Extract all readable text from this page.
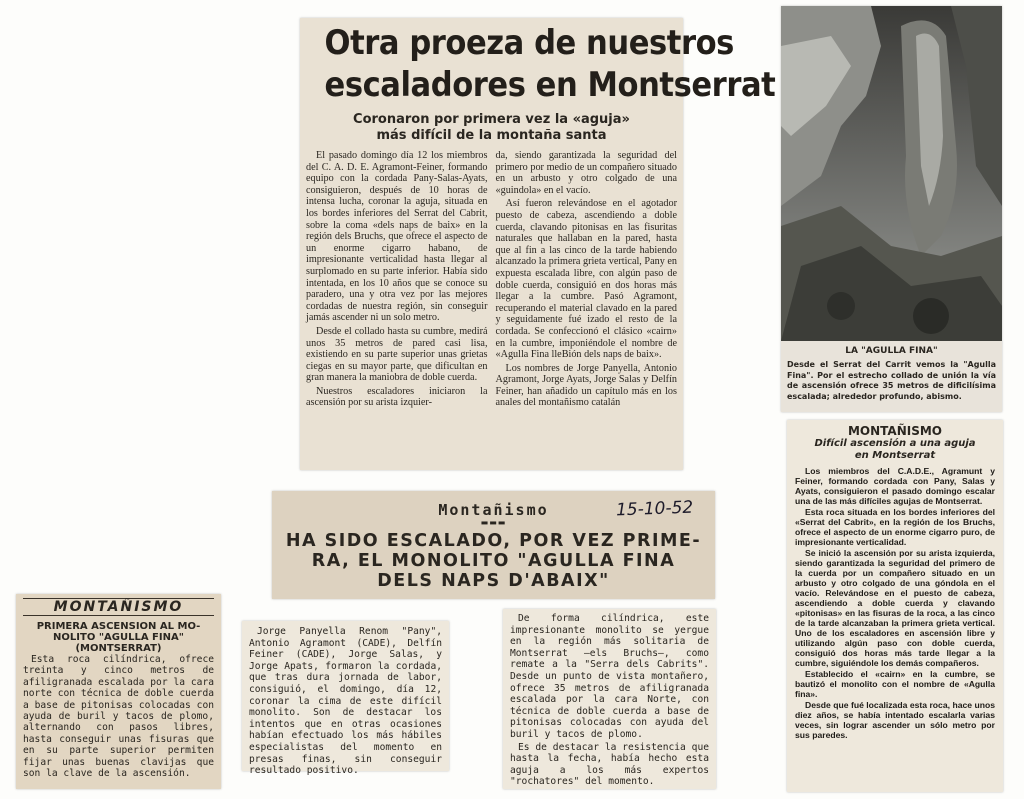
Otra proeza de nuestros
escaladores en Montserrat
Coronaron por primera vez la «aguja»
más difícil de la montaña santa

El pasado domingo día 12 los miembros del C. A. D. E. Agramont-Feiner, formando equipo con la cordada Pany-Salas-Ayats, consiguieron, después de 10 horas de intensa lucha, coronar la aguja, situada en los bordes inferiores del Serrat del Cabrit, sobre la coma «dels naps de baix» en la región dels Bruchs, que ofrece el aspecto de un enorme cigarro habano, de impresionante verticalidad hasta llegar al surplomado en su parte inferior. Había sido intentada, en los 10 años que se conoce su paradero, una y otra vez por las mejores cordadas de nuestra región, sin conseguir jamás ascender ni un solo metro.

Desde el collado hasta su cumbre, medirá unos 35 metros de pared casi lisa, existiendo en su parte superior unas grietas ciegas en su mayor parte, que dificultan en gran manera la maniobra de doble cuerda.

Nuestros escaladores iniciaron la ascensión por su arista izquier-

da, siendo garantizada la seguridad del primero por medio de un compañero situado en un arbusto y otro colgado de una «guindola» en el vacío.

Así fueron relevándose en el agotador puesto de cabeza, ascendiendo a doble cuerda, clavando pitonisas en las fisuritas naturales que hallaban en la pared, hasta que al fin a las cinco de la tarde habiendo alcanzado la primera grieta vertical, Pany en expuesta escalada libre, con algún paso de doble cuerda, consiguió en dos horas más llegar a la cumbre. Pasó Agramont, recuperando el material clavado en la pared y seguidamente fué izado el resto de la cordada. Se confeccionó el clásico «cairn» en la cumbre, imponiéndole el nombre de «Agulla Fina lleBión dels naps de baix».

Los nombres de Jorge Panyella, Antonio Agramont, Jorge Ayats, Jorge Salas y Delfín Feiner, han añadido un capítulo más en los anales del montañismo catalán

LA "AGULLA FINA"
Desde el Serrat del Carrit vemos la "Agulla Fina". Por el estrecho collado de unión la vía de ascensión ofrece 35 metros de dificilísima escalada; alrededor profundo, abismo.
MONTAÑISMO
Difícil ascensión a una aguja
en Montserrat

Los miembros del C.A.D.E., Agramunt y Feiner, formando cordada con Pany, Salas y Ayats, consiguieron el pasado domingo escalar una de las más difíciles agujas de Montserrat.

Esta roca situada en los bordes inferiores del «Serrat del Cabrit», en la región de los Bruchs, ofrece el aspecto de un enorme cigarro puro, de impresionante verticalidad.

Se inició la ascensión por su arista izquierda, siendo garantizada la seguridad del primero de la cuerda por un compañero situado en un arbusto y otro colgado de una góndola en el vacío. Relevándose en el puesto de cabeza, ascendiendo a doble cuerda y clavando «pitonisas» en las fisuras de la roca, a las cinco de la tarde alcanzaban la primera grieta vertical. Uno de los escaladores en ascensión libre y utilizando algún paso con doble cuerda, consiguió dos horas más tarde llegar a la cumbre, siguiéndole los demás compañeros.

Establecido el «cairn» en la cumbre, se bautizó el monolito con el nombre de «Agulla fina».

Desde que fué localizada esta roca, hace unos diez años, se había intentado escalarla varias veces, sin lograr ascender un sólo metro por sus paredes.

Montañismo	15-10-52
▬▬▬
HA SIDO ESCALADO, POR VEZ PRIME-
RA, EL MONOLITO "AGULLA FINA
DELS NAPS D'ABAIX"
MONTAÑISMO
PRIMERA ASCENSION AL MO-
NOLITO "AGULLA FINA"
(MONTSERRAT)

Esta roca cilíndrica, ofrece treinta y cinco metros de afiligranada escalada por la cara norte con técnica de doble cuerda a base de pitonisas colocadas con ayuda de buril y tacos de plomo, alternando con pasos libres, hasta conseguir unas fisuras que en su parte superior permiten fijar unas buenas clavijas que son la clave de la ascensión.

Jorge Panyella Renom "Pany", Antonio Agramont (CADE), Delfín Feiner (CADE), Jorge Salas, y Jorge Apats, formaron la cordada, que tras dura jornada de labor, consiguió, el domingo, día 12, coronar la cima de este difícil monolito. Son de destacar los intentos que en otras ocasiones habían efectuado los más hábiles especialistas del momento en presas finas, sin conseguir resultado positivo.

De forma cilíndrica, este impresionante monolito se yergue en la región más solitaria de Montserrat —els Bruchs—, como remate a la "Serra dels Cabrits". Desde un punto de vista montañero, ofrece 35 metros de afiligranada escalada por la cara Norte, con técnica de doble cuerda a base de pitonisas colocadas con ayuda del buril y tacos de plomo.

Es de destacar la resistencia que hasta la fecha, había hecho esta aguja a los más expertos "rochatores" del momento.
